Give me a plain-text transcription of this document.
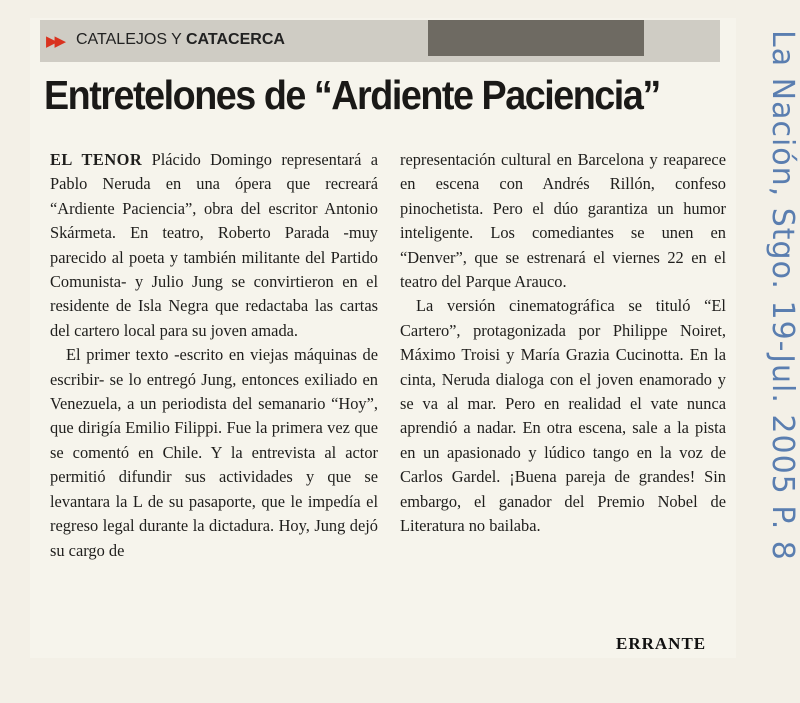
▶▶ CATALEJOS Y CATACERCA
Entretelones de “Ardiente Paciencia”

EL TENOR Plácido Domingo representará a Pablo Neruda en una ópera que recreará “Ardiente Paciencia”, obra del escritor Antonio Skármeta. En teatro, Roberto Parada -muy parecido al poeta y también militante del Partido Comunista- y Julio Jung se convirtieron en el residente de Isla Negra que redactaba las cartas del cartero local para su joven amada.

El primer texto -escrito en viejas máquinas de escribir- se lo entregó Jung, entonces exiliado en Venezuela, a un periodista del semanario “Hoy”, que dirigía Emilio Filippi. Fue la primera vez que se comentó en Chile. Y la entrevista al actor permitió difundir sus actividades y que se levantara la L de su pasaporte, que le impedía el regreso legal durante la dictadura. Hoy, Jung dejó su cargo de

representación cultural en Barcelona y reaparece en escena con Andrés Rillón, confeso pinochetista. Pero el dúo garantiza un humor inteligente. Los comediantes se unen en “Denver”, que se estrenará el viernes 22 en el teatro del Parque Arauco.

La versión cinematográfica se tituló “El Cartero”, protagonizada por Philippe Noiret, Máximo Troisi y María Grazia Cucinotta. En la cinta, Neruda dialoga con el joven enamorado y se va al mar. Pero en realidad el vate nunca aprendió a nadar. En otra escena, sale a la pista en un apasionado y lúdico tango en la voz de Carlos Gardel. ¡Buena pareja de grandes! Sin embargo, el ganador del Premio Nobel de Literatura no bailaba.

ERRANTE
La Nación, Stgo. 19-Jul. 2005 P. 8
